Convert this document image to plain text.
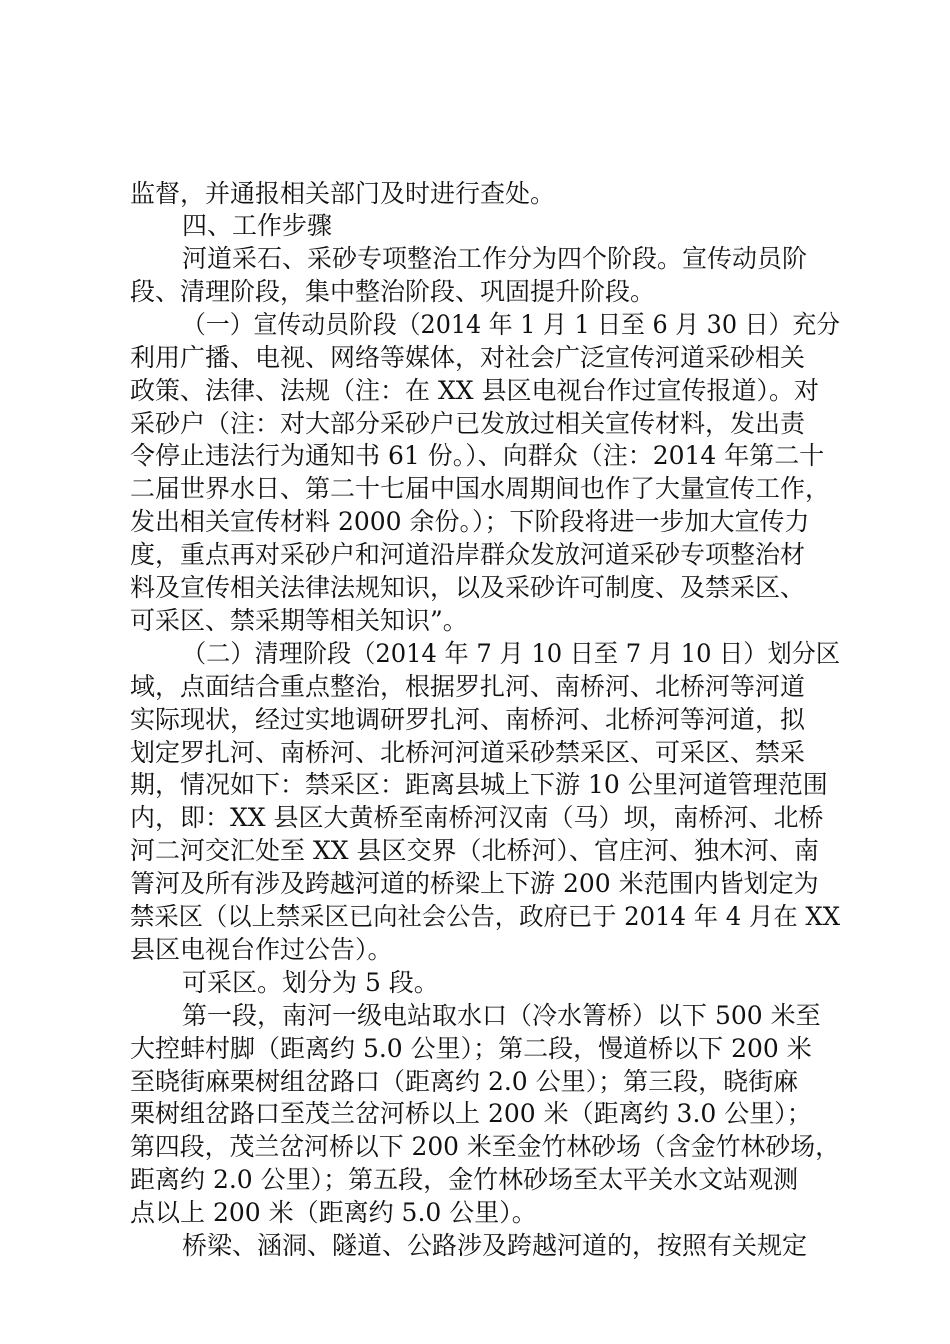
监督，并通报相关部门及时进行查处。

四、工作步骤

河道采石、采砂专项整治工作分为四个阶段。宣传动员阶

段、清理阶段，集中整治阶段、巩固提升阶段。

（一）宣传动员阶段（2014 年 1 月 1 日至 6 月 30 日）充分

利用广播、电视、网络等媒体，对社会广泛宣传河道采砂相关

政策、法律、法规（注：在 XX 县区电视台作过宣传报道）。对

采砂户（注：对大部分采砂户已发放过相关宣传材料，发出责

令停止违法行为通知书 61 份。）、向群众（注：2014 年第二十

二届世界水日、第二十七届中国水周期间也作了大量宣传工作，

发出相关宣传材料 2000 余份。）；下阶段将进一步加大宣传力

度，重点再对采砂户和河道沿岸群众发放河道采砂专项整治材

料及宣传相关法律法规知识，以及采砂许可制度、及禁采区、

可采区、禁采期等相关知识”。

（二）清理阶段（2014 年 7 月 10 日至 7 月 10 日）划分区

域，点面结合重点整治，根据罗扎河、南桥河、北桥河等河道

实际现状，经过实地调研罗扎河、南桥河、北桥河等河道，拟

划定罗扎河、南桥河、北桥河河道采砂禁采区、可采区、禁采

期，情况如下：禁采区：距离县城上下游 10 公里河道管理范围

内，即：XX 县区大黄桥至南桥河汉南（马）坝，南桥河、北桥

河二河交汇处至 XX 县区交界（北桥河）、官庄河、独木河、南

箐河及所有涉及跨越河道的桥梁上下游 200 米范围内皆划定为

禁采区（以上禁采区已向社会公告，政府已于 2014 年 4 月在 XX

县区电视台作过公告）。

可采区。划分为 5 段。

第一段，南河一级电站取水口（冷水箐桥）以下 500 米至

大控蚌村脚（距离约 5.0 公里）；第二段，慢道桥以下 200 米

至晓街麻栗树组岔路口（距离约 2.0 公里）；第三段，晓街麻

栗树组岔路口至茂兰岔河桥以上 200 米（距离约 3.0 公里）；

第四段，茂兰岔河桥以下 200 米至金竹林砂场（含金竹林砂场，

距离约 2.0 公里）；第五段，金竹林砂场至太平关水文站观测

点以上 200 米（距离约 5.0 公里）。

桥梁、涵洞、隧道、公路涉及跨越河道的，按照有关规定
